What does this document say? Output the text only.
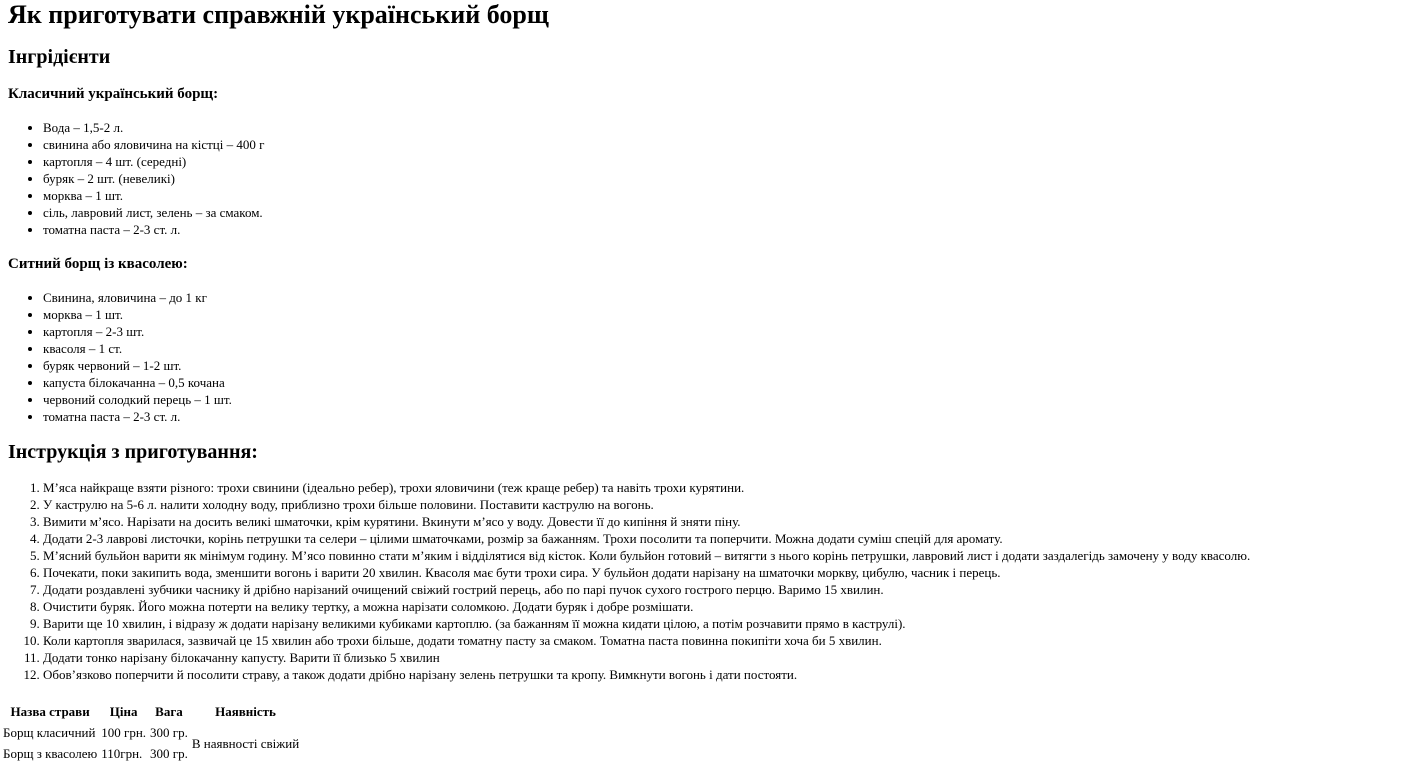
Як приготувати справжній український борщ
Інгрідієнти
Класичний український борщ:
• Вода – 1,5-2 л.
• свинина або яловичина на кістці – 400 г
• картопля – 4 шт. (середні)
• буряк – 2 шт. (невеликі)
• морква – 1 шт.
• сіль, лавровий лист, зелень – за смаком.
• томатна паста – 2-3 ст. л.
Ситний борщ із квасолею:
• Свинина, яловичина – до 1 кг
• морква – 1 шт.
• картопля – 2-3 шт.
• квасоля – 1 ст.
• буряк червоний – 1-2 шт.
• капуста білокачанна – 0,5 кочана
• червоний солодкий перець – 1 шт.
• томатна паста – 2-3 ст. л.
Інструкція з приготування:
1. М’яса найкраще взяти різного: трохи свинини (ідеально ребер), трохи яловичини (теж краще ребер) та навіть трохи курятини.
2. У каструлю на 5-6 л. налити холодну воду, приблизно трохи більше половини. Поставити каструлю на вогонь.
3. Вимити м’ясо. Нарізати на досить великі шматочки, крім курятини. Вкинути м’ясо у воду. Довести її до кипіння й зняти піну.
4. Додати 2-3 лаврові листочки, корінь петрушки та селери – цілими шматочками, розмір за бажанням. Трохи посолити та поперчити. Можна додати суміш спецій для аромату.
5. М’ясний бульйон варити як мінімум годину. М’ясо повинно стати м’яким і відділятися від кісток. Коли бульйон готовий – витягти з нього корінь петрушки, лавровий лист і додати заздалегідь замочену у воду квасолю.
6. Почекати, поки закипить вода, зменшити вогонь і варити 20 хвилин. Квасоля має бути трохи сира. У бульйон додати нарізану на шматочки моркву, цибулю, часник і перець.
7. Додати роздавлені зубчики часнику й дрібно нарізаний очищений свіжий гострий перець, або по парі пучок сухого гострого перцю. Варимо 15 хвилин.
8. Очистити буряк. Його можна потерти на велику тертку, а можна нарізати соломкою. Додати буряк і добре розмішати.
9. Варити ще 10 хвилин, і відразу ж додати нарізану великими кубиками картоплю. (за бажанням її можна кидати цілою, а потім розчавити прямо в каструлі).
10. Коли картопля зварилася, зазвичай це 15 хвилин або трохи більше, додати томатну пасту за смаком. Томатна паста повинна покипіти хоча би 5 хвилин.
11. Додати тонко нарізану білокачанну капусту. Варити її близько 5 хвилин
12. Обов’язково поперчити й посолити страву, а також додати дрібно нарізану зелень петрушки та кропу. Вимкнути вогонь і дати постояти.
Назва страви	Ціна	Вага	Наявність
Борщ класичний	100 грн.	300 гр.	В наявності свіжий
Борщ з квасолею	110грн.	300 гр.	
